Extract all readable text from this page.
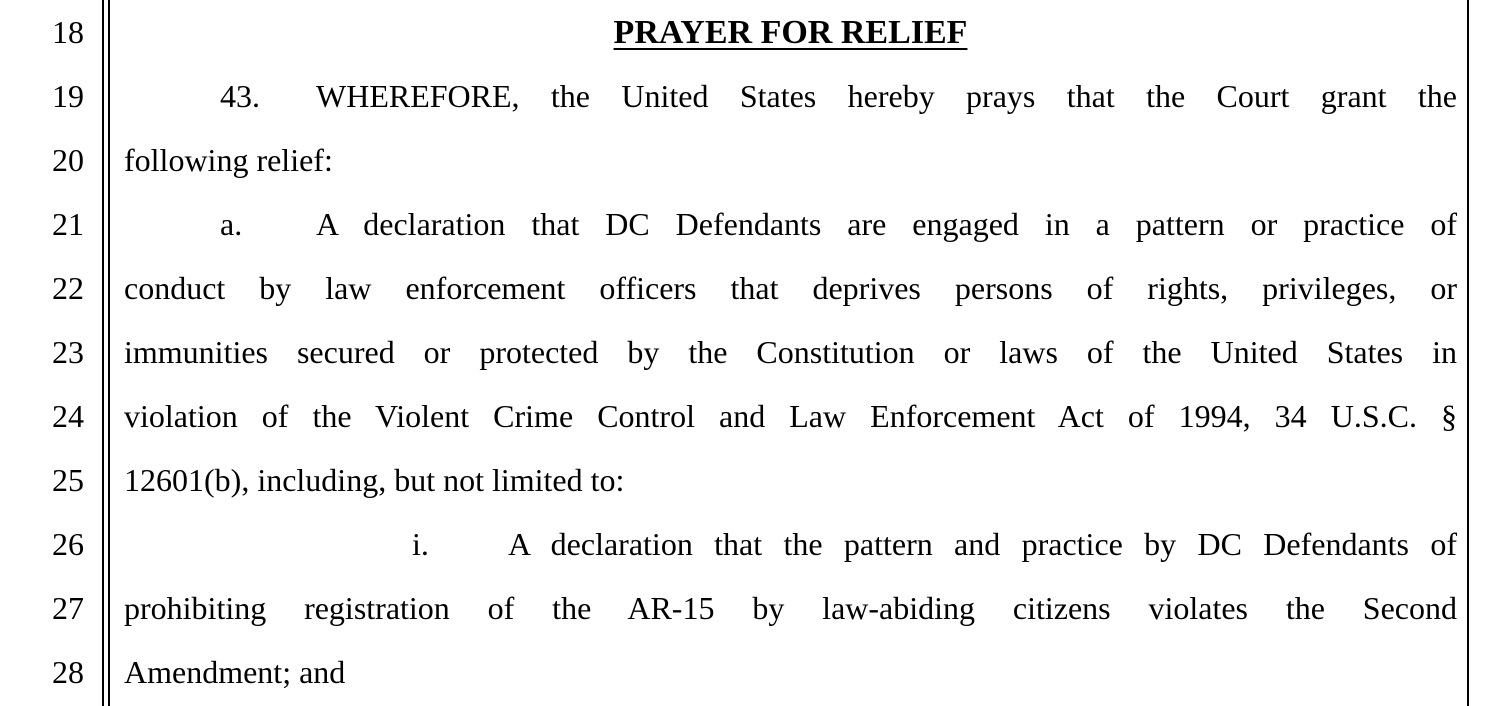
18
19
20
21
22
23
24
25
26
27
28
PRAYER FOR RELIEF
43. WHEREFORE, the United States hereby prays that the Court grant the
following relief:
a. A declaration that DC Defendants are engaged in a pattern or practice of
conduct by law enforcement officers that deprives persons of rights, privileges, or
immunities secured or protected by the Constitution or laws of the United States in
violation of the Violent Crime Control and Law Enforcement Act of 1994, 34 U.S.C. §
12601(b), including, but not limited to:
i. A declaration that the pattern and practice by DC Defendants of
prohibiting registration of the AR-15 by law-abiding citizens violates the Second
Amendment; and
